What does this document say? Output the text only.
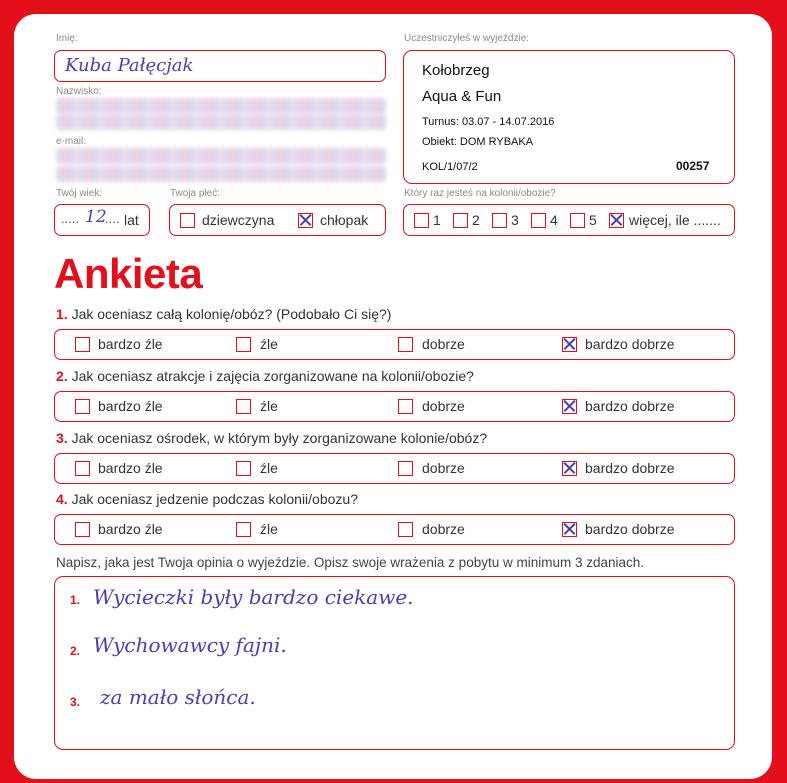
Imię:
Kuba Pałęcjak
Nazwisko:
e-mail:
Uczestniczyłeś w wyjeździe:
Kołobrzeg
Aqua & Fun
Turnus: 03.07 - 14.07.2016
Obiekt: DOM RYBAKA
KOL/1/07/2	00257
Twój wiek:
..... 12
.... lat
Twoja płeć:
dziewczyna	chłopak
Który raz jesteś na kolonii/obozie?
1 2 3 4 5 więcej, ile .......
Ankieta
1. Jak oceniasz całą kolonię/obóz? (Podobało Ci się?)
bardzo źle	źle	dobrze	bardzo dobrze
2. Jak oceniasz atrakcje i zajęcia zorganizowane na kolonii/obozie?
bardzo źle	źle	dobrze	bardzo dobrze
3. Jak oceniasz ośrodek, w którym były zorganizowane kolonie/obóz?
bardzo źle	źle	dobrze	bardzo dobrze
4. Jak oceniasz jedzenie podczas kolonii/obozu?
bardzo źle	źle	dobrze	bardzo dobrze
Napisz, jaka jest Twoja opinia o wyjeździe. Opisz swoje wrażenia z pobytu w minimum 3 zdaniach.
1. Wycieczki były bardzo ciekawe.
2. Wychowawcy fajni.
3. za mało słońca.
